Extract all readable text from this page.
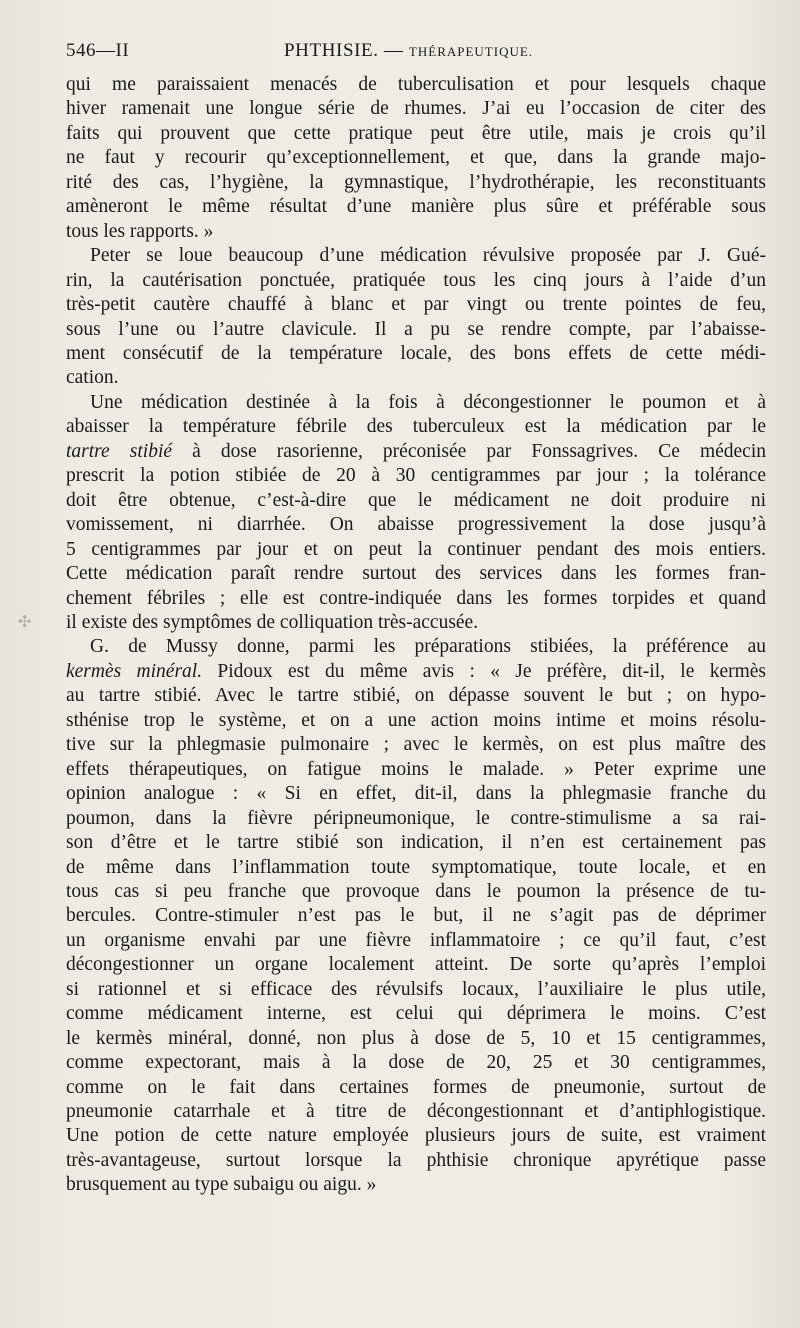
546—II	PHTHISIE. — THÉRAPEUTIQUE.
✣

qui me paraissaient menacés de tuberculisation et pour lesquels chaque

hiver ramenait une longue série de rhumes. J’ai eu l’occasion de citer des

faits qui prouvent que cette pratique peut être utile, mais je crois qu’il

ne faut y recourir qu’exceptionnellement, et que, dans la grande majo-

rité des cas, l’hygiène, la gymnastique, l’hydrothérapie, les reconstituants

amèneront le même résultat d’une manière plus sûre et préférable sous

tous les rapports. »

Peter se loue beaucoup d’une médication révulsive proposée par J. Gué-

rin, la cautérisation ponctuée, pratiquée tous les cinq jours à l’aide d’un

très-petit cautère chauffé à blanc et par vingt ou trente pointes de feu,

sous l’une ou l’autre clavicule. Il a pu se rendre compte, par l’abaisse-

ment consécutif de la température locale, des bons effets de cette médi-

cation.

Une médication destinée à la fois à décongestionner le poumon et à

abaisser la température fébrile des tuberculeux est la médication par le

tartre stibié à dose rasorienne, préconisée par Fonssagrives. Ce médecin

prescrit la potion stibiée de 20 à 30 centigrammes par jour ; la tolérance

doit être obtenue, c’est-à-dire que le médicament ne doit produire ni

vomissement, ni diarrhée. On abaisse progressivement la dose jusqu’à

5 centigrammes par jour et on peut la continuer pendant des mois entiers.

Cette médication paraît rendre surtout des services dans les formes fran-

chement fébriles ; elle est contre-indiquée dans les formes torpides et quand

il existe des symptômes de colliquation très-accusée.

G. de Mussy donne, parmi les préparations stibiées, la préférence au

kermès minéral. Pidoux est du même avis : « Je préfère, dit-il, le kermès

au tartre stibié. Avec le tartre stibié, on dépasse souvent le but ; on hypo-

sthénise trop le système, et on a une action moins intime et moins résolu-

tive sur la phlegmasie pulmonaire ; avec le kermès, on est plus maître des

effets thérapeutiques, on fatigue moins le malade. » Peter exprime une

opinion analogue : « Si en effet, dit-il, dans la phlegmasie franche du

poumon, dans la fièvre péripneumonique, le contre-stimulisme a sa rai-

son d’être et le tartre stibié son indication, il n’en est certainement pas

de même dans l’inflammation toute symptomatique, toute locale, et en

tous cas si peu franche que provoque dans le poumon la présence de tu-

bercules. Contre-stimuler n’est pas le but, il ne s’agit pas de déprimer

un organisme envahi par une fièvre inflammatoire ; ce qu’il faut, c’est

décongestionner un organe localement atteint. De sorte qu’après l’emploi

si rationnel et si efficace des révulsifs locaux, l’auxiliaire le plus utile,

comme médicament interne, est celui qui déprimera le moins. C’est

le kermès minéral, donné, non plus à dose de 5, 10 et 15 centigrammes,

comme expectorant, mais à la dose de 20, 25 et 30 centigrammes,

comme on le fait dans certaines formes de pneumonie, surtout de

pneumonie catarrhale et à titre de décongestionnant et d’antiphlogistique.

Une potion de cette nature employée plusieurs jours de suite, est vraiment

très-avantageuse, surtout lorsque la phthisie chronique apyrétique passe

brusquement au type subaigu ou aigu. »
